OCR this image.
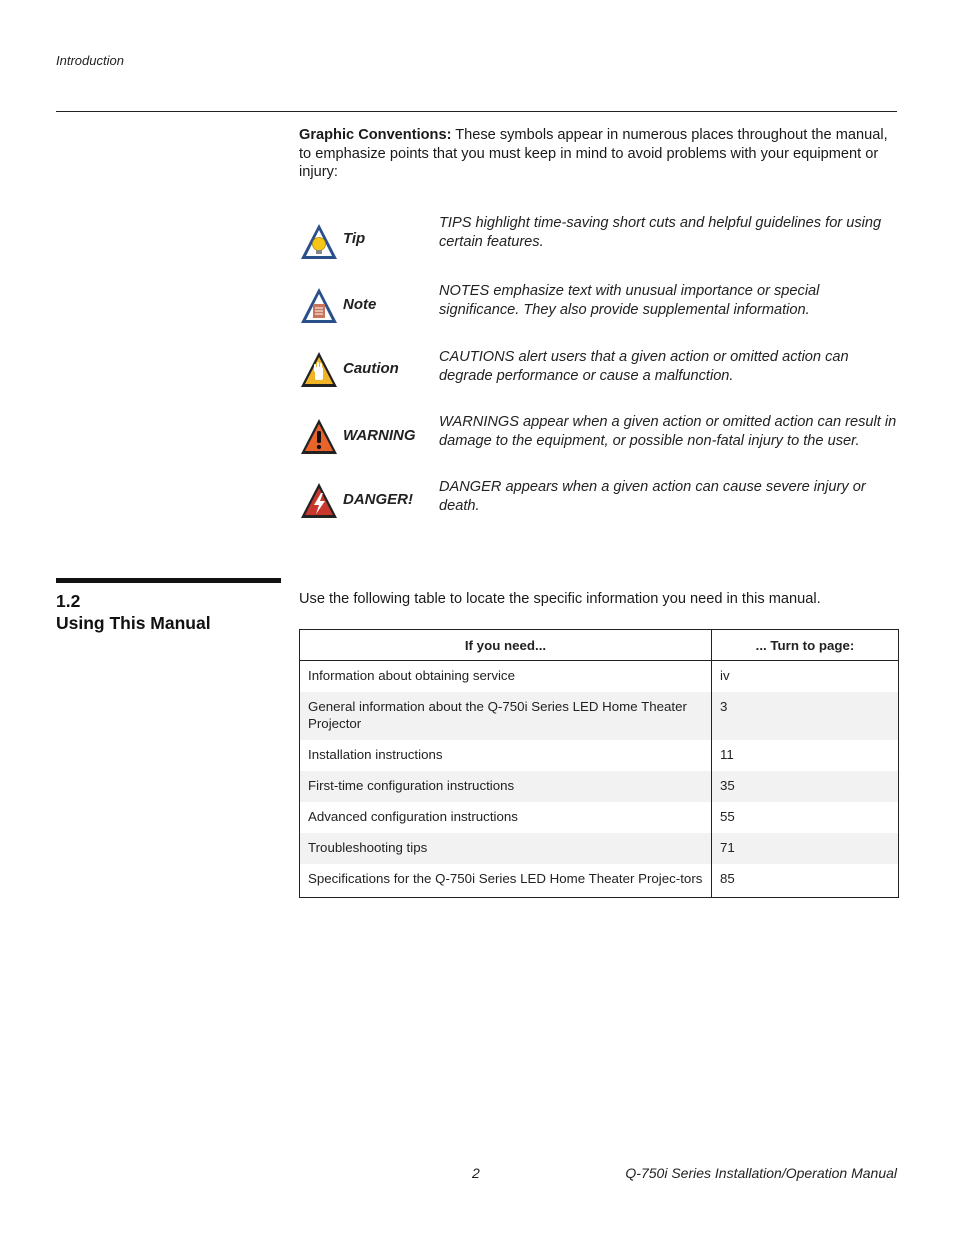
Introduction
Graphic Conventions: These symbols appear in numerous places throughout the manual, to emphasize points that you must keep in mind to avoid problems with your equipment or injury:
Tip
TIPS highlight time-saving short cuts and helpful guidelines for using certain features.
Note
NOTES emphasize text with unusual importance or special significance. They also provide supplemental information.
Caution
CAUTIONS alert users that a given action or omitted action can degrade performance or cause a malfunction.
WARNING
WARNINGS appear when a given action or omitted action can result in damage to the equipment, or possible non-fatal injury to the user.
DANGER!
DANGER appears when a given action can cause severe injury or death.
1.2
Using This Manual
Use the following table to locate the specific information you need in this manual.
If you need...	... Turn to page:
Information about obtaining service	iv
General information about the Q-750i Series LED Home Theater Projector	3
Installation instructions	11
First-time configuration instructions	35
Advanced configuration instructions	55
Troubleshooting tips	71
Specifications for the Q-750i Series LED Home Theater Projec-tors	85
2	Q-750i Series Installation/Operation Manual
